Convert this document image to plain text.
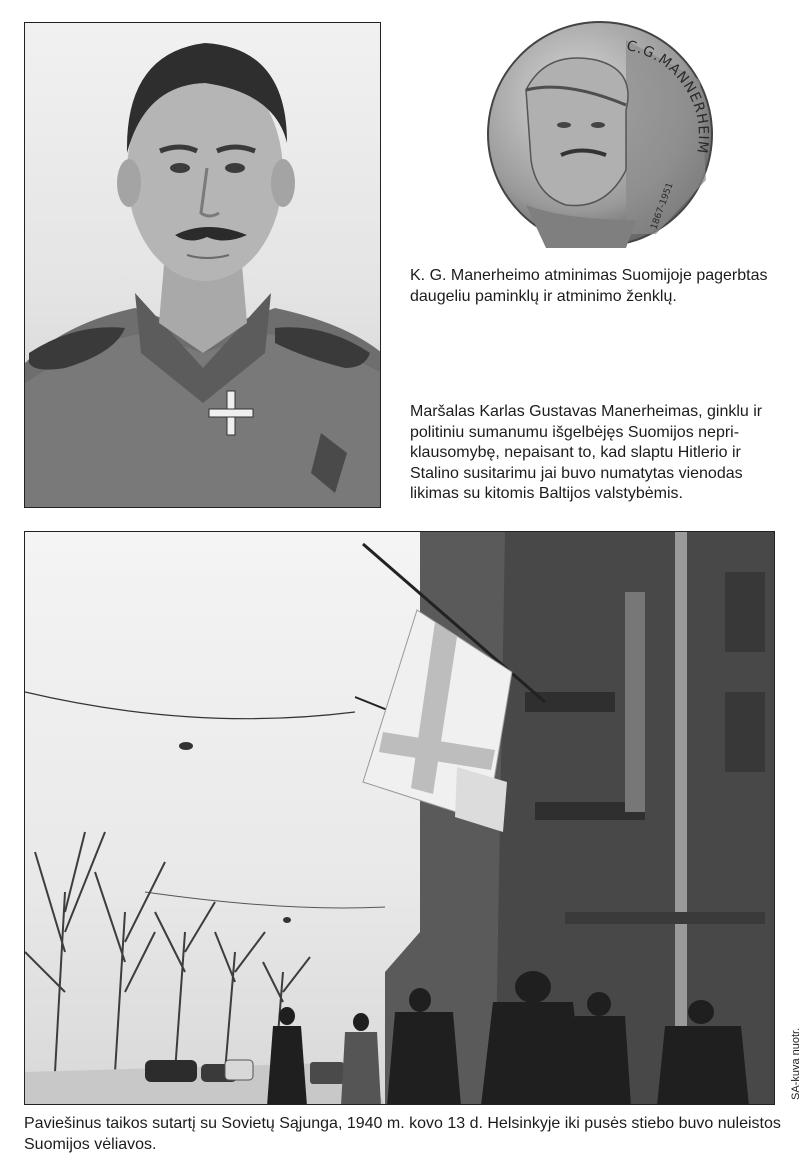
C.G.MANNERHEIM
1867-1951

K. G. Manerheimo atminimas Suomijoje pagerbtas daugeliu paminklų ir atminimo ženklų.

Maršalas Karlas Gustavas Manerheimas, ginklu ir politiniu sumanumu išgelbėjęs Suomijos nepriklausomybę, nepaisant to, kad slaptu Hitlerio ir Stalino susitarimu jai buvo numatytas vienodas likimas su kitomis Baltijos valstybėmis.

Paviešinus taikos sutartį su Sovietų Sąjunga, 1940 m. kovo 13 d. Helsinkyje iki pusės stiebo buvo nuleistos Suomijos vėliavos.

SA-kuva nuotr.
